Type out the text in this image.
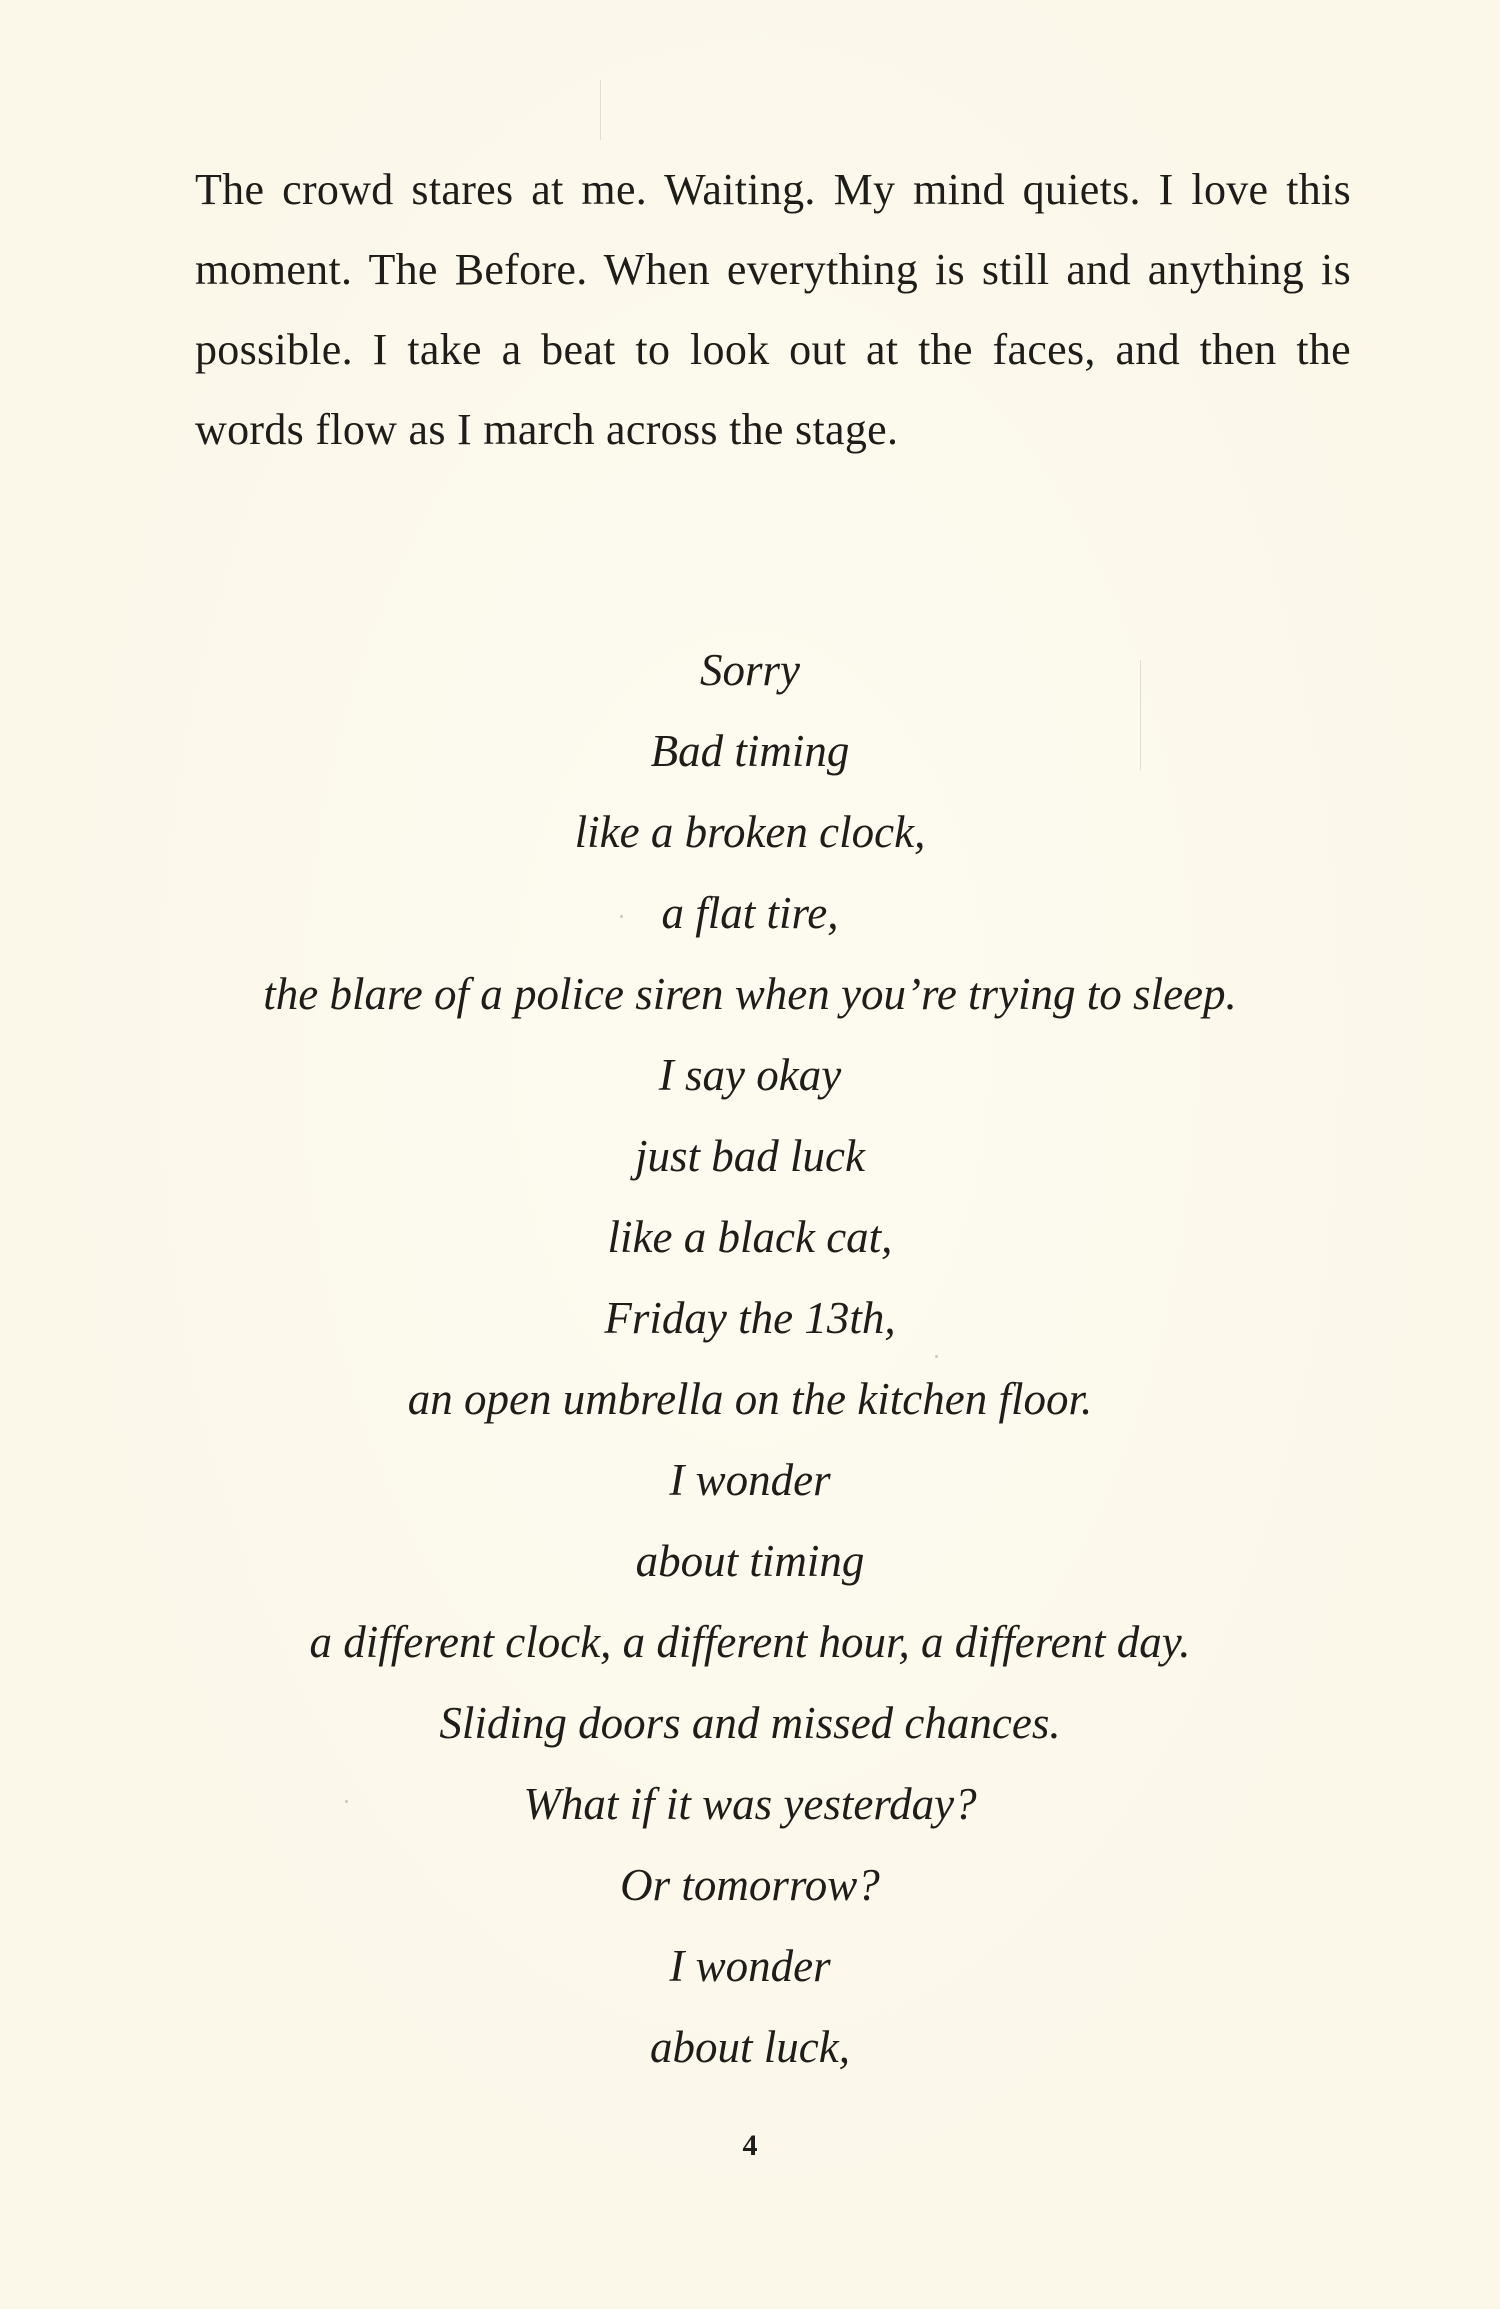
The crowd stares at me. Waiting. My mind quiets. I love this moment. The Before. When everything is still and anything is possible. I take a beat to look out at the faces, and then the words flow as I march across the stage.

Sorry
Bad timing
like a broken clock,
a flat tire,
the blare of a police siren when you’re trying to sleep.
I say okay
just bad luck
like a black cat,
Friday the 13th,
an open umbrella on the kitchen floor.
I wonder
about timing
a different clock, a different hour, a different day.
Sliding doors and missed chances.
What if it was yesterday?
Or tomorrow?
I wonder
about luck,
4
